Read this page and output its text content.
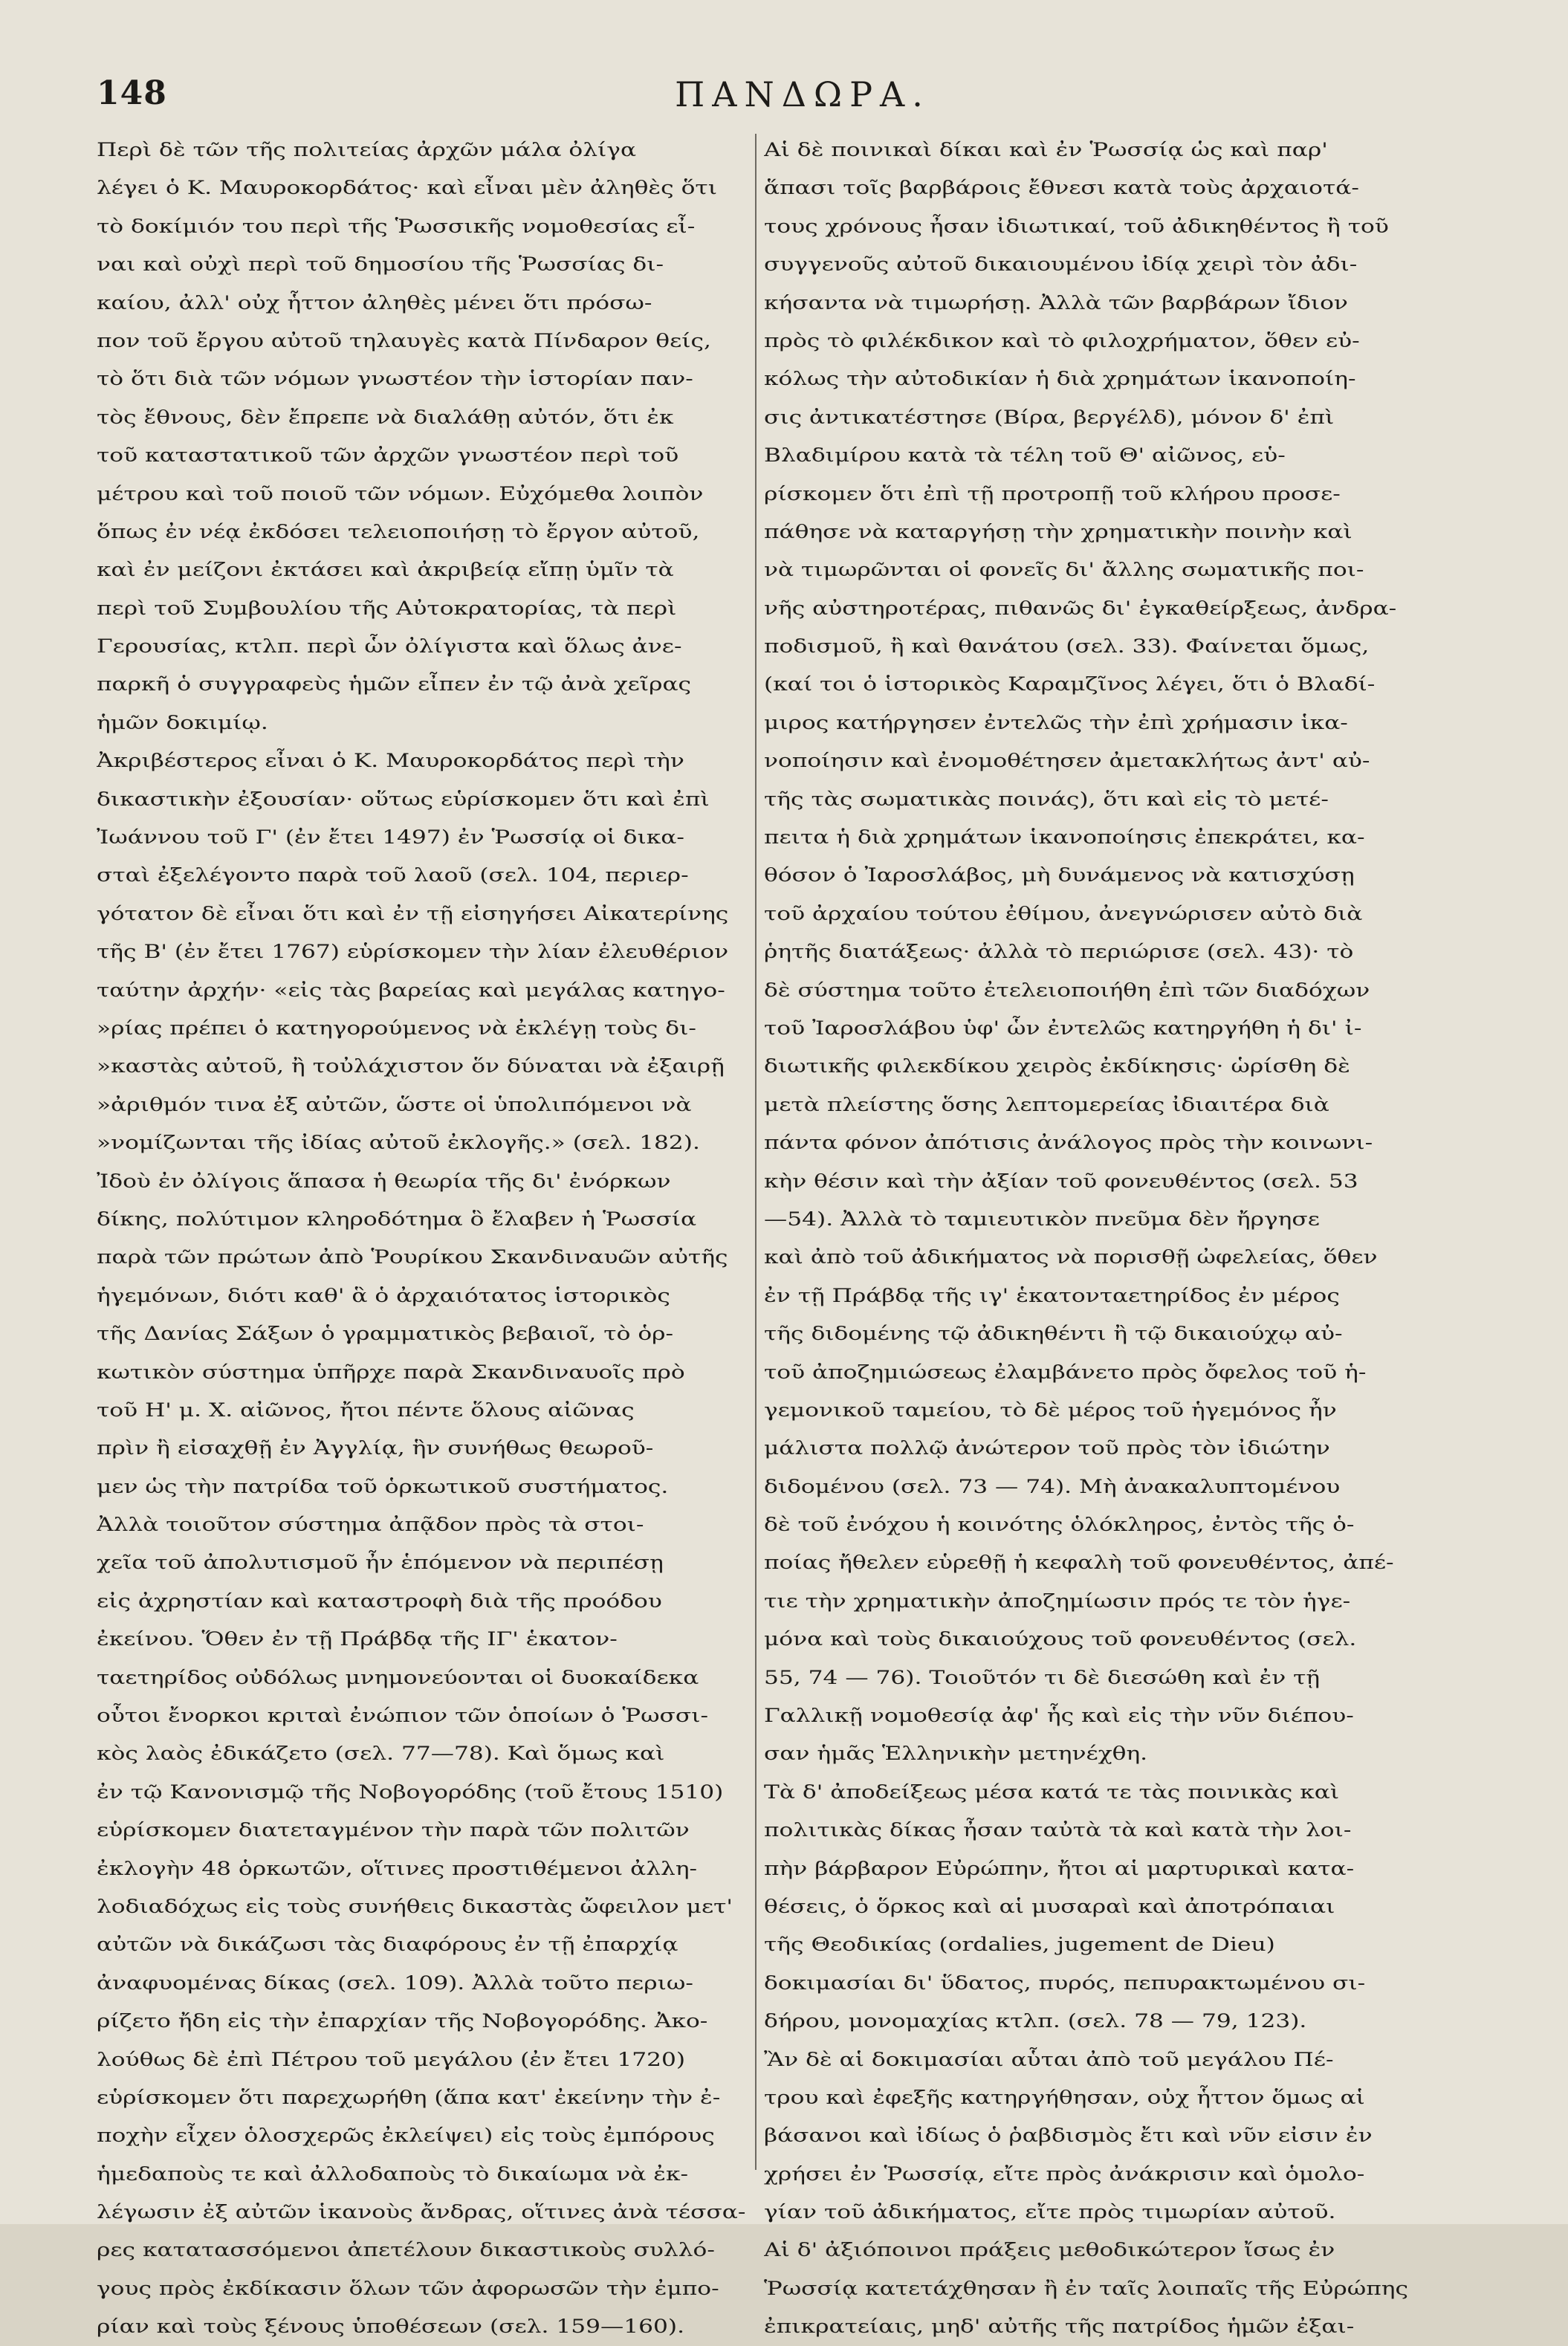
148	ΠΑΝΔΩΡΑ.
Περὶ δὲ τῶν τῆς πολιτείας ἀρχῶν μάλα ὀλίγα
λέγει ὁ Κ. Μαυροκορδάτος· καὶ εἶναι μὲν ἀληθὲς ὅτι
τὸ δοκίμιόν του περὶ τῆς Ῥωσσικῆς νομοθεσίας εἶ-
ναι καὶ οὐχὶ περὶ τοῦ δημοσίου τῆς Ῥωσσίας δι-
καίου, ἀλλ' οὐχ ἧττον ἀληθὲς μένει ὅτι πρόσω-
πον τοῦ ἔργου αὐτοῦ τηλαυγὲς κατὰ Πίνδαρον θείς,
τὸ ὅτι διὰ τῶν νόμων γνωστέον τὴν ἱστορίαν παν-
τὸς ἔθνους, δὲν ἔπρεπε νὰ διαλάθῃ αὐτόν, ὅτι ἐκ
τοῦ καταστατικοῦ τῶν ἀρχῶν γνωστέον περὶ τοῦ
μέτρου καὶ τοῦ ποιοῦ τῶν νόμων. Εὐχόμεθα λοιπὸν
ὅπως ἐν νέᾳ ἐκδόσει τελειοποιήσῃ τὸ ἔργον αὐτοῦ,
καὶ ἐν μείζονι ἐκτάσει καὶ ἀκριβείᾳ εἴπῃ ὑμῖν τὰ
περὶ τοῦ Συμβουλίου τῆς Αὐτοκρατορίας, τὰ περὶ
Γερουσίας, κτλπ. περὶ ὧν ὀλίγιστα καὶ ὅλως ἀνε-
παρκῆ ὁ συγγραφεὺς ἡμῶν εἶπεν ἐν τῷ ἀνὰ χεῖρας
ἡμῶν δοκιμίῳ.
Ἀκριβέστερος εἶναι ὁ Κ. Μαυροκορδάτος περὶ τὴν
δικαστικὴν ἐξουσίαν· οὕτως εὑρίσκομεν ὅτι καὶ ἐπὶ
Ἰωάννου τοῦ Γ' (ἐν ἔτει 1497) ἐν Ῥωσσίᾳ οἱ δικα-
σταὶ ἐξελέγοντο παρὰ τοῦ λαοῦ (σελ. 104, περιερ-
γότατον δὲ εἶναι ὅτι καὶ ἐν τῇ εἰσηγήσει Αἰκατερίνης
τῆς Β' (ἐν ἔτει 1767) εὑρίσκομεν τὴν λίαν ἐλευθέριον
ταύτην ἀρχήν· «εἰς τὰς βαρείας καὶ μεγάλας κατηγο-
»ρίας πρέπει ὁ κατηγορούμενος νὰ ἐκλέγῃ τοὺς δι-
»καστὰς αὐτοῦ, ἢ τοὐλάχιστον ὅν δύναται νὰ ἐξαιρῇ
»ἀριθμόν τινα ἐξ αὐτῶν, ὥστε οἱ ὑπολιπόμενοι νὰ
»νομίζωνται τῆς ἰδίας αὐτοῦ ἐκλογῆς.» (σελ. 182).
Ἰδοὺ ἐν ὀλίγοις ἅπασα ἡ θεωρία τῆς δι' ἐνόρκων
δίκης, πολύτιμον κληροδότημα ὃ ἔλαβεν ἡ Ῥωσσία
παρὰ τῶν πρώτων ἀπὸ Ῥουρίκου Σκανδιναυῶν αὐτῆς
ἡγεμόνων, διότι καθ' ἃ ὁ ἀρχαιότατος ἱστορικὸς
τῆς Δανίας Σάξων ὁ γραμματικὸς βεβαιοῖ, τὸ ὁρ-
κωτικὸν σύστημα ὑπῆρχε παρὰ Σκανδιναυοῖς πρὸ
τοῦ Η' μ. Χ. αἰῶνος, ἤτοι πέντε ὅλους αἰῶνας
πρὶν ἢ εἰσαχθῇ ἐν Ἀγγλίᾳ, ἣν συνήθως θεωροῦ-
μεν ὡς τὴν πατρίδα τοῦ ὁρκωτικοῦ συστήματος.
Ἀλλὰ τοιοῦτον σύστημα ἀπᾷδον πρὸς τὰ στοι-
χεῖα τοῦ ἀπολυτισμοῦ ἦν ἑπόμενον νὰ περιπέσῃ
εἰς ἀχρηστίαν καὶ καταστροφὴ διὰ τῆς προόδου
ἐκείνου. Ὅθεν ἐν τῇ Πράβδᾳ τῆς ΙΓ' ἑκατον-
ταετηρίδος οὐδόλως μνημονεύονται οἱ δυοκαίδεκα
οὗτοι ἔνορκοι κριταὶ ἐνώπιον τῶν ὁποίων ὁ Ῥωσσι-
κὸς λαὸς ἐδικάζετο (σελ. 77—78). Καὶ ὅμως καὶ
ἐν τῷ Κανονισμῷ τῆς Νοβογορόδης (τοῦ ἔτους 1510)
εὑρίσκομεν διατεταγμένον τὴν παρὰ τῶν πολιτῶν
ἐκλογὴν 48 ὁρκωτῶν, οἵτινες προστιθέμενοι ἀλλη-
λοδιαδόχως εἰς τοὺς συνήθεις δικαστὰς ὤφειλον μετ'
αὐτῶν νὰ δικάζωσι τὰς διαφόρους ἐν τῇ ἐπαρχίᾳ
ἀναφυομένας δίκας (σελ. 109). Ἀλλὰ τοῦτο περιω-
ρίζετο ἤδη εἰς τὴν ἐπαρχίαν τῆς Νοβογορόδης. Ἀκο-
λούθως δὲ ἐπὶ Πέτρου τοῦ μεγάλου (ἐν ἔτει 1720)
εὑρίσκομεν ὅτι παρεχωρήθη (ἅπα κατ' ἐκείνην τὴν ἐ-
ποχὴν εἶχεν ὁλοσχερῶς ἐκλείψει) εἰς τοὺς ἐμπόρους
ἡμεδαποὺς τε καὶ ἀλλοδαποὺς τὸ δικαίωμα νὰ ἐκ-
λέγωσιν ἐξ αὐτῶν ἱκανοὺς ἄνδρας, οἵτινες ἀνὰ τέσσα-
ρες κατατασσόμενοι ἀπετέλουν δικαστικοὺς συλλό-
γους πρὸς ἐκδίκασιν ὅλων τῶν ἀφορωσῶν τὴν ἐμπο-
ρίαν καὶ τοὺς ξένους ὑποθέσεων (σελ. 159—160).
Αἱ δὲ ποινικαὶ δίκαι καὶ ἐν Ῥωσσίᾳ ὡς καὶ παρ'
ἅπασι τοῖς βαρβάροις ἔθνεσι κατὰ τοὺς ἀρχαιοτά-
τους χρόνους ἦσαν ἰδιωτικαί, τοῦ ἀδικηθέντος ἢ τοῦ
συγγενοῦς αὐτοῦ δικαιουμένου ἰδίᾳ χειρὶ τὸν ἀδι-
κήσαντα νὰ τιμωρήσῃ. Ἀλλὰ τῶν βαρβάρων ἴδιον
πρὸς τὸ φιλέκδικον καὶ τὸ φιλοχρήματον, ὅθεν εὐ-
κόλως τὴν αὐτοδικίαν ἡ διὰ χρημάτων ἱκανοποίη-
σις ἀντικατέστησε (Βίρα, βεργέλδ), μόνον δ' ἐπὶ
Βλαδιμίρου κατὰ τὰ τέλη τοῦ Θ' αἰῶνος, εὑ-
ρίσκομεν ὅτι ἐπὶ τῇ προτροπῇ τοῦ κλήρου προσε-
πάθησε νὰ καταργήσῃ τὴν χρηματικὴν ποινὴν καὶ
νὰ τιμωρῶνται οἱ φονεῖς δι' ἄλλης σωματικῆς ποι-
νῆς αὐστηροτέρας, πιθανῶς δι' ἐγκαθείρξεως, ἀνδρα-
ποδισμοῦ, ἢ καὶ θανάτου (σελ. 33). Φαίνεται ὅμως,
(καί τοι ὁ ἱστορικὸς Καραμζῖνος λέγει, ὅτι ὁ Βλαδί-
μιρος κατήργησεν ἐντελῶς τὴν ἐπὶ χρήμασιν ἱκα-
νοποίησιν καὶ ἐνομοθέτησεν ἀμετακλήτως ἀντ' αὐ-
τῆς τὰς σωματικὰς ποινάς), ὅτι καὶ εἰς τὸ μετέ-
πειτα ἡ διὰ χρημάτων ἱκανοποίησις ἐπεκράτει, κα-
θόσον ὁ Ἰαροσλάβος, μὴ δυνάμενος νὰ κατισχύσῃ
τοῦ ἀρχαίου τούτου ἐθίμου, ἀνεγνώρισεν αὐτὸ διὰ
ῥητῆς διατάξεως· ἀλλὰ τὸ περιώρισε (σελ. 43)· τὸ
δὲ σύστημα τοῦτο ἐτελειοποιήθη ἐπὶ τῶν διαδόχων
τοῦ Ἰαροσλάβου ὑφ' ὧν ἐντελῶς κατηργήθη ἡ δι' ἰ-
διωτικῆς φιλεκδίκου χειρὸς ἐκδίκησις· ὡρίσθη δὲ
μετὰ πλείστης ὅσης λεπτομερείας ἰδιαιτέρα διὰ
πάντα φόνον ἀπότισις ἀνάλογος πρὸς τὴν κοινωνι-
κὴν θέσιν καὶ τὴν ἀξίαν τοῦ φονευθέντος (σελ. 53
—54). Ἀλλὰ τὸ ταμιευτικὸν πνεῦμα δὲν ἤργησε
καὶ ἀπὸ τοῦ ἀδικήματος νὰ πορισθῇ ὠφελείας, ὅθεν
ἐν τῇ Πράβδᾳ τῆς ιγ' ἑκατονταετηρίδος ἐν μέρος
τῆς διδομένης τῷ ἀδικηθέντι ἢ τῷ δικαιούχῳ αὐ-
τοῦ ἀποζημιώσεως ἐλαμβάνετο πρὸς ὄφελος τοῦ ἡ-
γεμονικοῦ ταμείου, τὸ δὲ μέρος τοῦ ἡγεμόνος ἦν
μάλιστα πολλῷ ἀνώτερον τοῦ πρὸς τὸν ἰδιώτην
διδομένου (σελ. 73 — 74). Μὴ ἀνακαλυπτομένου
δὲ τοῦ ἐνόχου ἡ κοινότης ὁλόκληρος, ἐντὸς τῆς ὁ-
ποίας ἤθελεν εὑρεθῇ ἡ κεφαλὴ τοῦ φονευθέντος, ἀπέ-
τιε τὴν χρηματικὴν ἀποζημίωσιν πρός τε τὸν ἡγε-
μόνα καὶ τοὺς δικαιούχους τοῦ φονευθέντος (σελ.
55, 74 — 76). Τοιοῦτόν τι δὲ διεσώθη καὶ ἐν τῇ
Γαλλικῇ νομοθεσίᾳ ἀφ' ἧς καὶ εἰς τὴν νῦν διέπου-
σαν ἡμᾶς Ἑλληνικὴν μετηνέχθη.
Τὰ δ' ἀποδείξεως μέσα κατά τε τὰς ποινικὰς καὶ
πολιτικὰς δίκας ἦσαν ταὐτὰ τὰ καὶ κατὰ τὴν λοι-
πὴν βάρβαρον Εὐρώπην, ἤτοι αἱ μαρτυρικαὶ κατα-
θέσεις, ὁ ὅρκος καὶ αἱ μυσαραὶ καὶ ἀποτρόπαιαι
τῆς Θεοδικίας (ordalies, jugement de Dieu)
δοκιμασίαι δι' ὕδατος, πυρός, πεπυρακτωμένου σι-
δήρου, μονομαχίας κτλπ. (σελ. 78 — 79, 123).
Ἂν δὲ αἱ δοκιμασίαι αὗται ἀπὸ τοῦ μεγάλου Πέ-
τρου καὶ ἐφεξῆς κατηργήθησαν, οὐχ ἧττον ὅμως αἱ
βάσανοι καὶ ἰδίως ὁ ῥαβδισμὸς ἔτι καὶ νῦν εἰσιν ἐν
χρήσει ἐν Ῥωσσίᾳ, εἴτε πρὸς ἀνάκρισιν καὶ ὁμολο-
γίαν τοῦ ἀδικήματος, εἴτε πρὸς τιμωρίαν αὐτοῦ.
Αἱ δ' ἀξιόποινοι πράξεις μεθοδικώτερον ἴσως ἐν
Ῥωσσίᾳ κατετάχθησαν ἢ ἐν ταῖς λοιπαῖς τῆς Εὐρώπης
ἐπικρατείαις, μηδ' αὐτῆς τῆς πατρίδος ἡμῶν ἐξαι-
